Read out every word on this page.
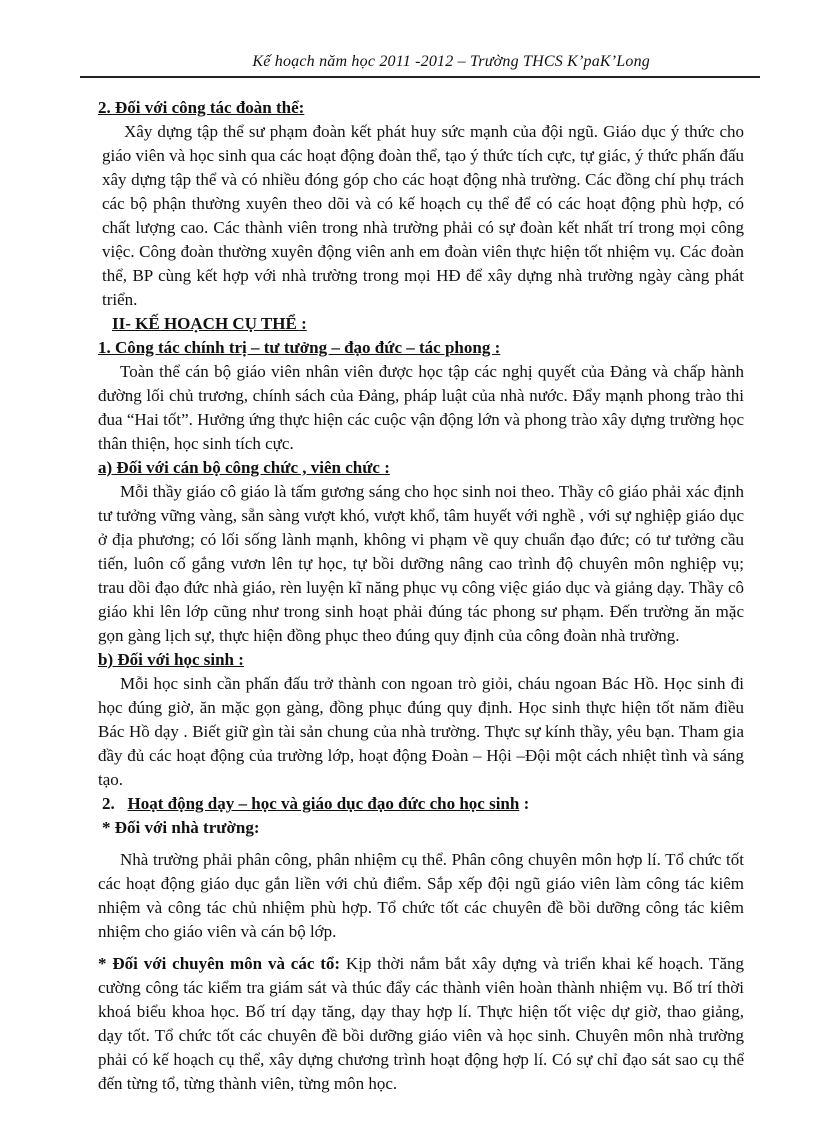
Kế hoạch năm học 2011 -2012 – Trường THCS K’paK’Long

2. Đối với công tác đoàn thể:

Xây dựng tập thể sư phạm đoàn kết phát huy sức mạnh của đội ngũ. Giáo dục ý thức cho giáo viên và học sinh qua các hoạt động đoàn thể, tạo ý thức tích cực, tự giác, ý thức phấn đấu xây dựng tập thể và có nhiều đóng góp cho các hoạt động nhà trường. Các đồng chí phụ trách các bộ phận thường xuyên theo dõi và có kế hoạch cụ thể để có các hoạt động phù hợp, có chất lượng cao. Các thành viên trong nhà trường phải có sự đoàn kết nhất trí trong mọi công việc. Công đoàn thường xuyên động viên anh em đoàn viên thực hiện tốt nhiệm vụ. Các đoàn thể, BP cùng kết hợp với nhà trường trong mọi HĐ để xây dựng nhà trường ngày càng phát triển.

II- KẾ HOẠCH CỤ THỂ :

1. Công tác chính trị – tư tưởng – đạo đức – tác phong :

Toàn thể cán bộ giáo viên nhân viên được học tập các nghị quyết của Đảng và chấp hành đường lối chủ trương, chính sách của Đảng, pháp luật của nhà nước. Đẩy mạnh phong trào thi đua “Hai tốt”. Hưởng ứng thực hiện các cuộc vận động lớn và phong trào xây dựng trường học thân thiện, học sinh tích cực.

a) Đối với cán bộ công chức , viên chức :

Mỗi thầy giáo cô giáo là tấm gương sáng cho học sinh noi theo. Thầy cô giáo phải xác định tư tưởng vững vàng, sẵn sàng vượt khó, vượt khổ, tâm huyết với nghề , với sự nghiệp giáo dục ở địa phương; có lối sống lành mạnh, không vi phạm về quy chuẩn đạo đức; có tư tưởng cầu tiến, luôn cố gắng vươn lên tự học, tự bồi dưỡng nâng cao trình độ chuyên môn nghiệp vụ; trau dồi đạo đức nhà giáo, rèn luyện kĩ năng phục vụ công việc giáo dục và giảng dạy. Thầy cô giáo khi lên lớp cũng như trong sinh hoạt phải đúng tác phong sư phạm. Đến trường ăn mặc gọn gàng lịch sự, thực hiện đồng phục theo đúng quy định của công đoàn nhà trường.

b) Đối với học sinh :

Mỗi học sinh cần phấn đấu trở thành con ngoan trò giỏi, cháu ngoan Bác Hồ. Học sinh đi học đúng giờ, ăn mặc gọn gàng, đồng phục đúng quy định. Học sinh thực hiện tốt năm điều Bác Hồ dạy . Biết giữ gìn tài sản chung của nhà trường. Thực sự kính thầy, yêu bạn. Tham gia đầy đủ các hoạt động của trường lớp, hoạt động Đoàn – Hội –Đội một cách nhiệt tình và sáng tạo.

2. Hoạt động dạy – học và giáo dục đạo đức cho học sinh :

* Đối với nhà trường:

Nhà trường phải phân công, phân nhiệm cụ thể. Phân công chuyên môn hợp lí. Tổ chức tốt các hoạt động giáo dục gắn liền với chủ điểm. Sắp xếp đội ngũ giáo viên làm công tác kiêm nhiệm và công tác chủ nhiệm phù hợp. Tổ chức tốt các chuyên đề bồi dưỡng công tác kiêm nhiệm cho giáo viên và cán bộ lớp.

* Đối với chuyên môn và các tổ: Kịp thời nắm bắt xây dựng và triển khai kế hoạch. Tăng cường công tác kiểm tra giám sát và thúc đẩy các thành viên hoàn thành nhiệm vụ. Bố trí thời khoá biểu khoa học. Bố trí dạy tăng, dạy thay hợp lí. Thực hiện tốt việc dự giờ, thao giảng, dạy tốt. Tổ chức tốt các chuyên đề bồi dưỡng giáo viên và học sinh. Chuyên môn nhà trường phải có kế hoạch cụ thể, xây dựng chương trình hoạt động hợp lí. Có sự chỉ đạo sát sao cụ thể đến từng tổ, từng thành viên, từng môn học.
